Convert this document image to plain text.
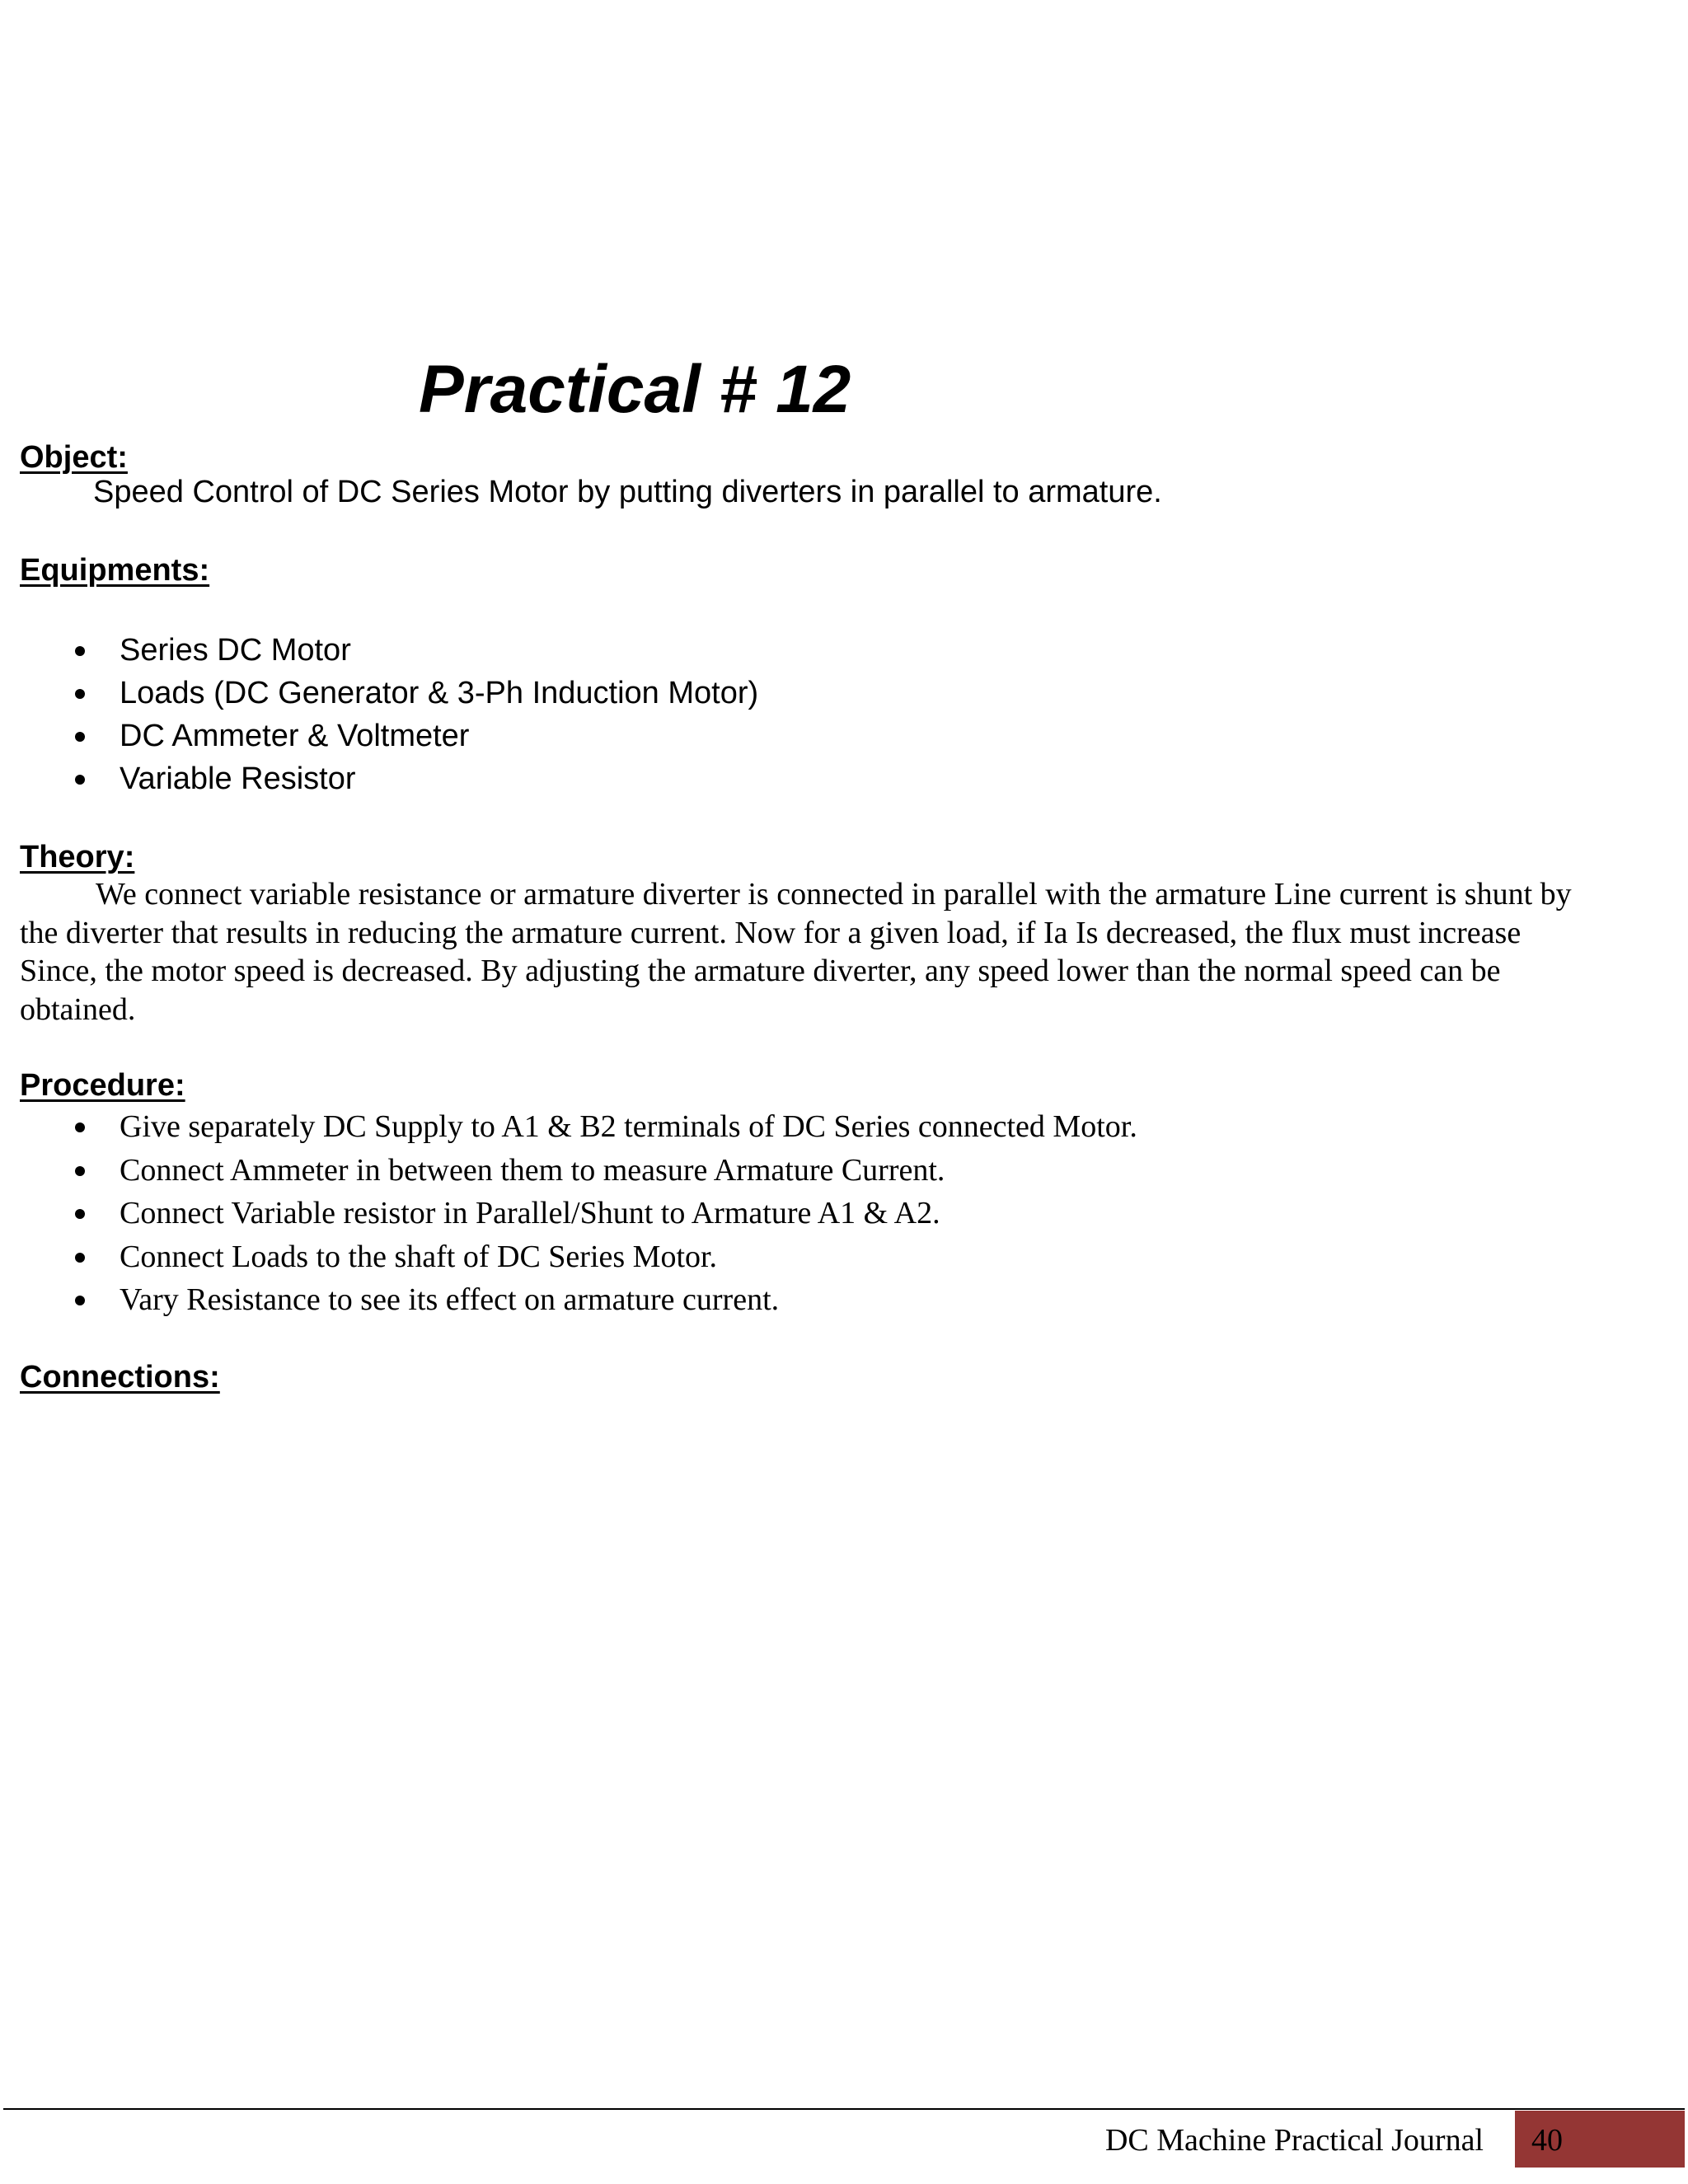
Practical # 12
Object:
Speed Control of DC Series Motor by putting diverters in parallel to armature.
Equipments:
Series DC Motor
Loads (DC Generator & 3-Ph Induction Motor)
DC Ammeter & Voltmeter
Variable Resistor
Theory:

We connect variable resistance or armature diverter is connected in parallel with the armature Line current is shunt by
the diverter that results in reducing the armature current. Now for a given load, if Ia Is decreased, the flux must increase
Since, the motor speed is decreased. By adjusting the armature diverter, any speed lower than the normal speed can be
obtained.

Procedure:
Give separately DC Supply to A1 & B2 terminals of DC Series connected Motor.
Connect Ammeter in between them to measure Armature Current.
Connect Variable resistor in Parallel/Shunt to Armature A1 & A2.
Connect Loads to the shaft of DC Series Motor.
Vary Resistance to see its effect on armature current.
Connections:
DC Machine Practical Journal 40
